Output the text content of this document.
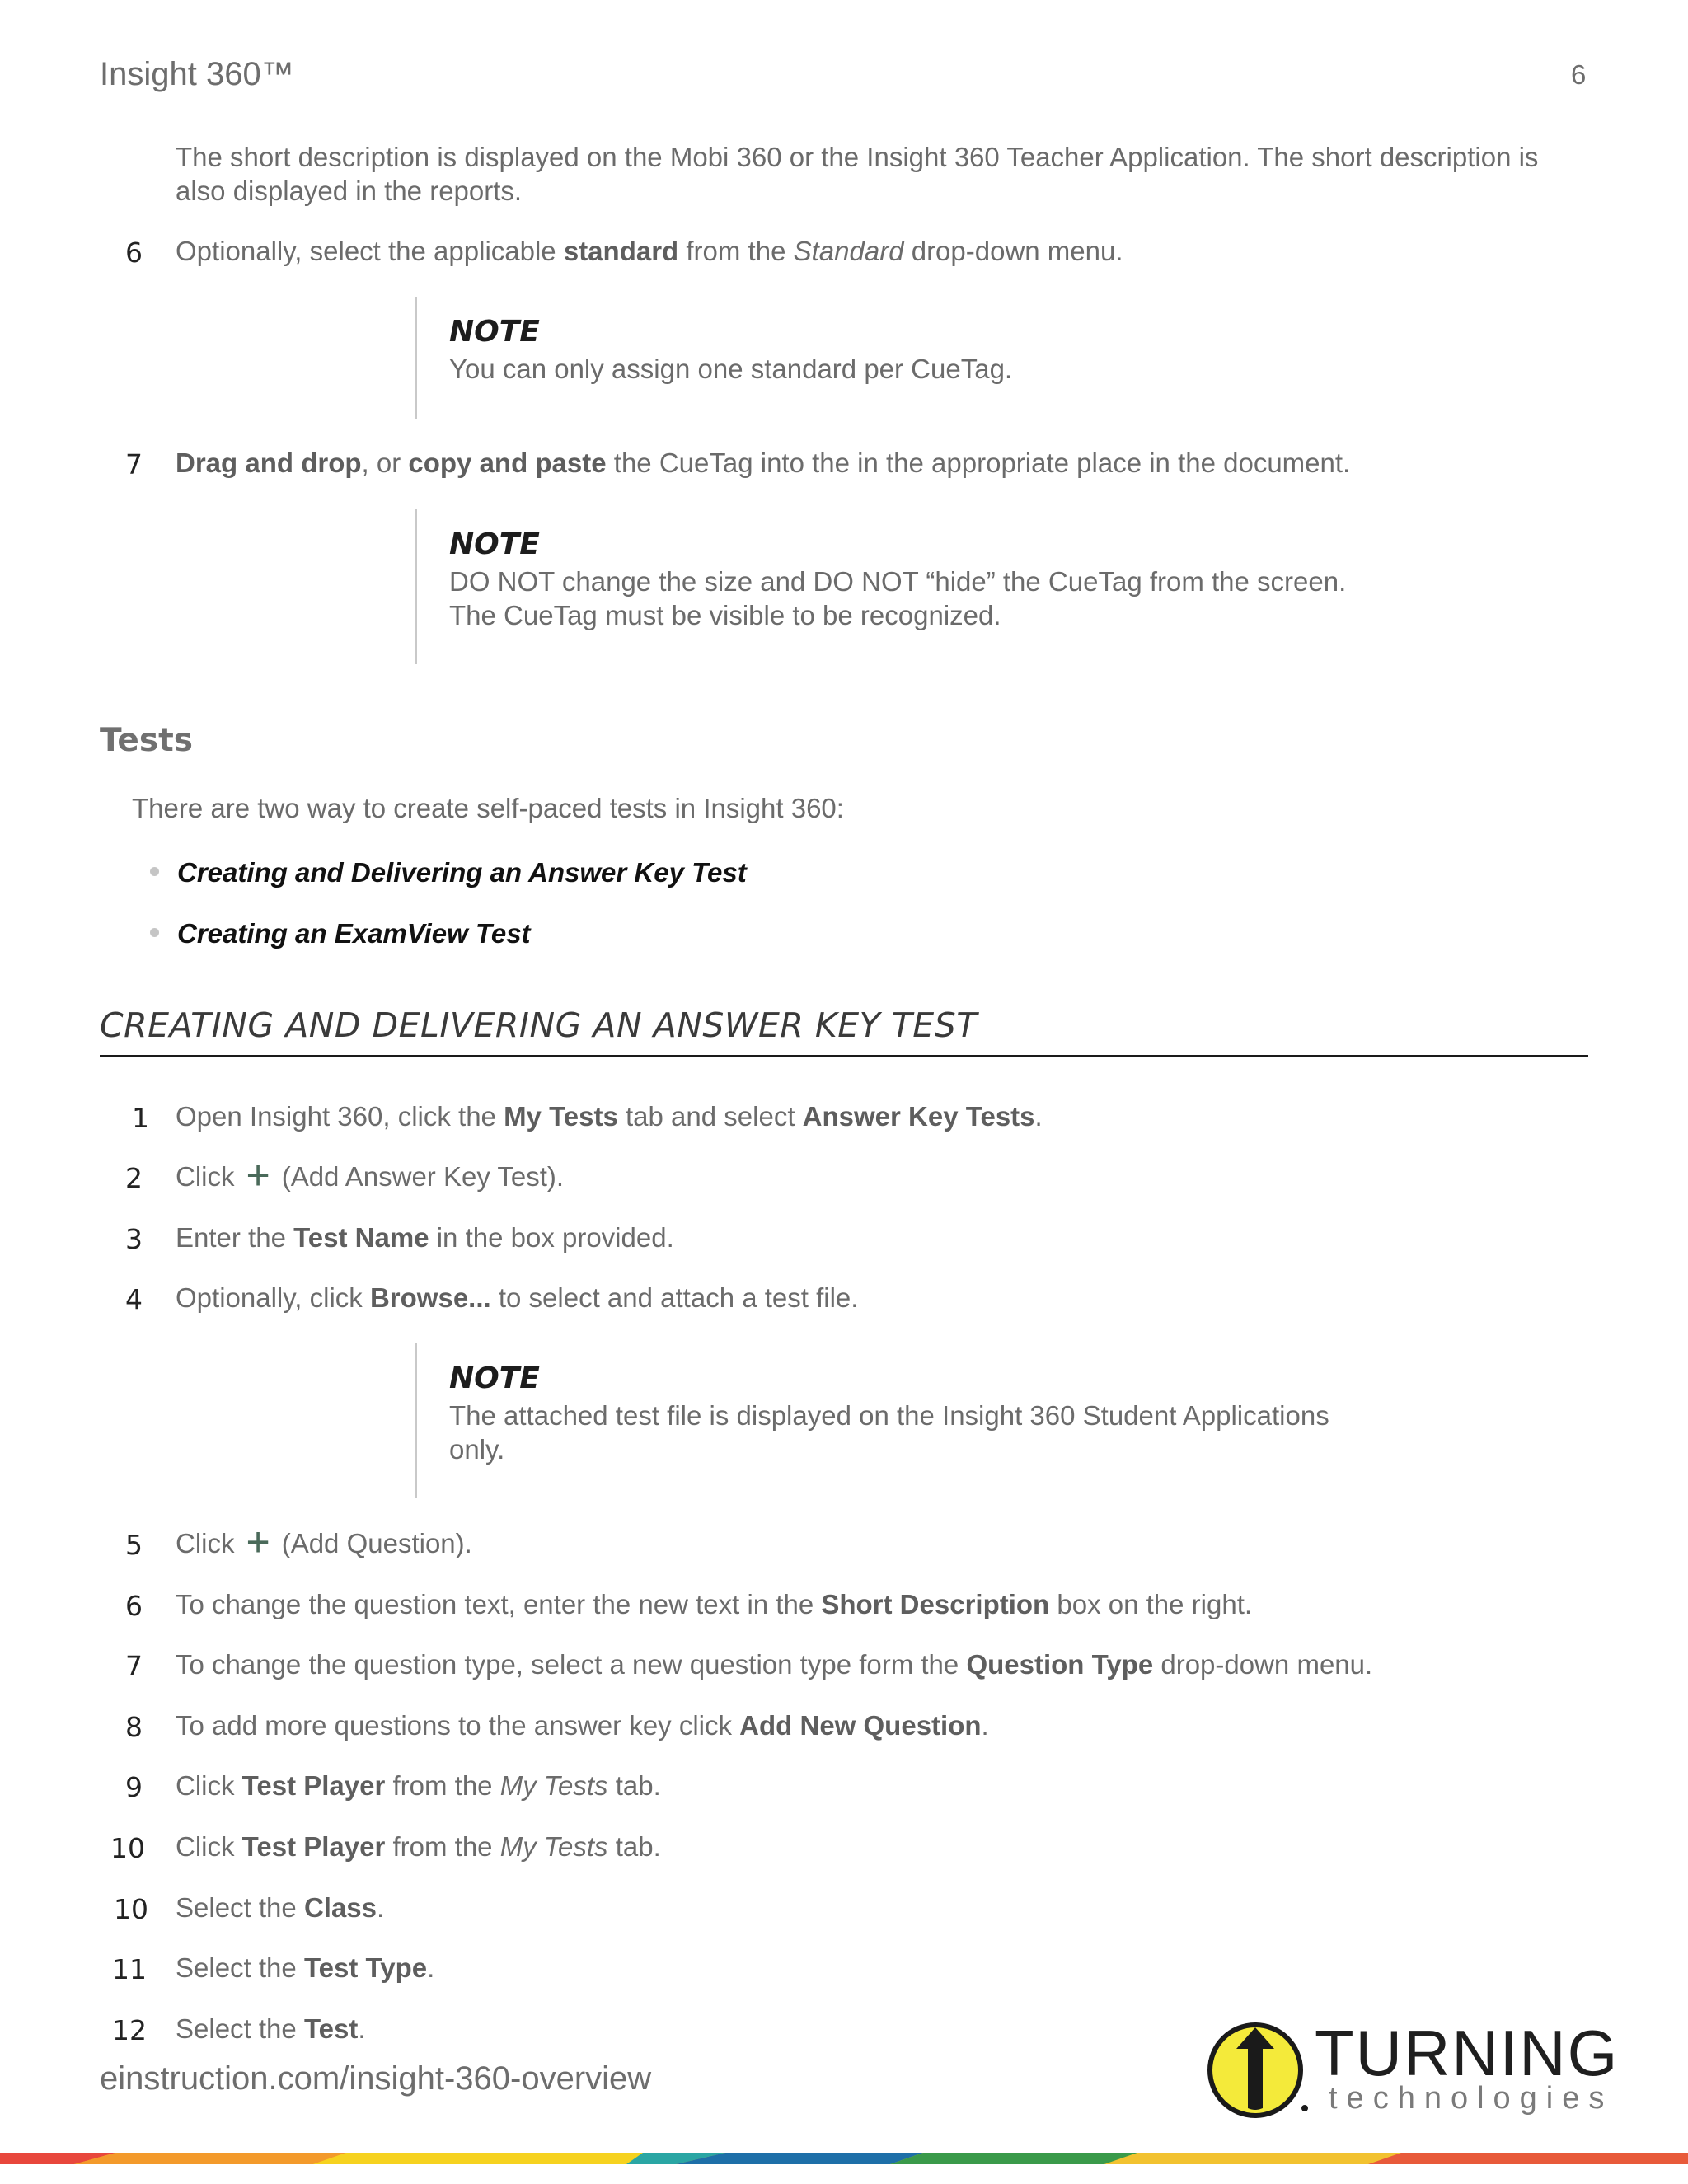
Insight 360™	6
The short description is displayed on the Mobi 360 or the Insight 360 Teacher Application. The short description is also displayed in the reports.
6 Optionally, select the applicable standard from the Standard drop-down menu.
NOTE
You can only assign one standard per CueTag.
7 Drag and drop, or copy and paste the CueTag into the in the appropriate place in the document.
NOTE
DO NOT change the size and DO NOT “hide” the CueTag from the screen.
The CueTag must be visible to be recognized.
Tests
There are two way to create self-paced tests in Insight 360:
Creating and Delivering an Answer Key Test
Creating an ExamView Test
CREATING AND DELIVERING AN ANSWER KEY TEST
1 Open Insight 360, click the My Tests tab and select Answer Key Tests.
2 Click + (Add Answer Key Test).
3 Enter the Test Name in the box provided.
4 Optionally, click Browse... to select and attach a test file.
NOTE
The attached test file is displayed on the Insight 360 Student Applications
only.
5 Click + (Add Question).
6 To change the question text, enter the new text in the Short Description box on the right.
7 To change the question type, select a new question type form the Question Type drop-down menu.
8 To add more questions to the answer key click Add New Question.
9 Click Test Player from the My Tests tab.
10 Click Test Player from the My Tests tab.
10 Select the Class.
11 Select the Test Type.
einstruction.com/insight-360-overview	TURNING
technologies
12 Select the Test.
